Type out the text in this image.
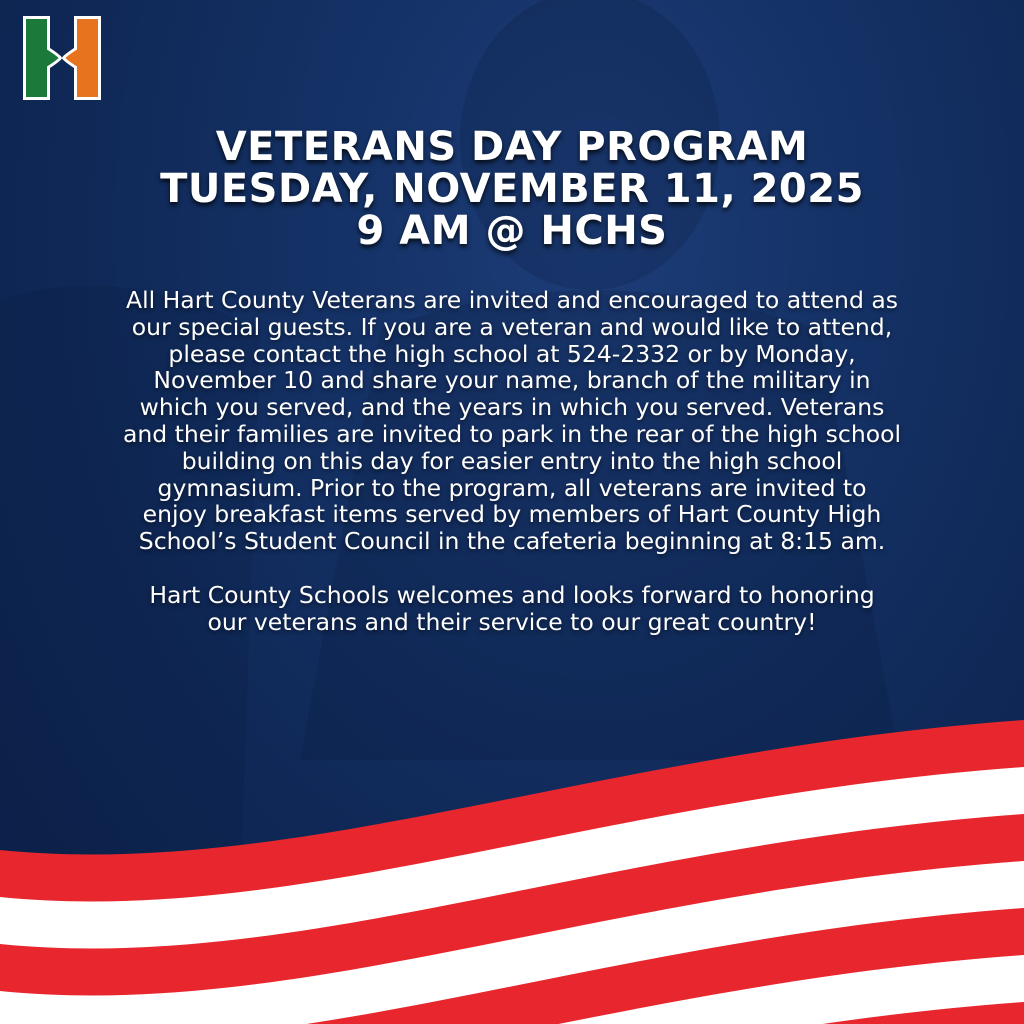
VETERANS DAY PROGRAM
TUESDAY, NOVEMBER 11, 2025
9 AM @ HCHS

All Hart County Veterans are invited and encouraged to attend as
our special guests. If you are a veteran and would like to attend,
please contact the high school at 524-2332 or by Monday,
November 10 and share your name, branch of the military in
which you served, and the years in which you served. Veterans
and their families are invited to park in the rear of the high school
building on this day for easier entry into the high school
gymnasium. Prior to the program, all veterans are invited to
enjoy breakfast items served by members of Hart County High
School’s Student Council in the cafeteria beginning at 8:15 am.

Hart County Schools welcomes and looks forward to honoring
our veterans and their service to our great country!
